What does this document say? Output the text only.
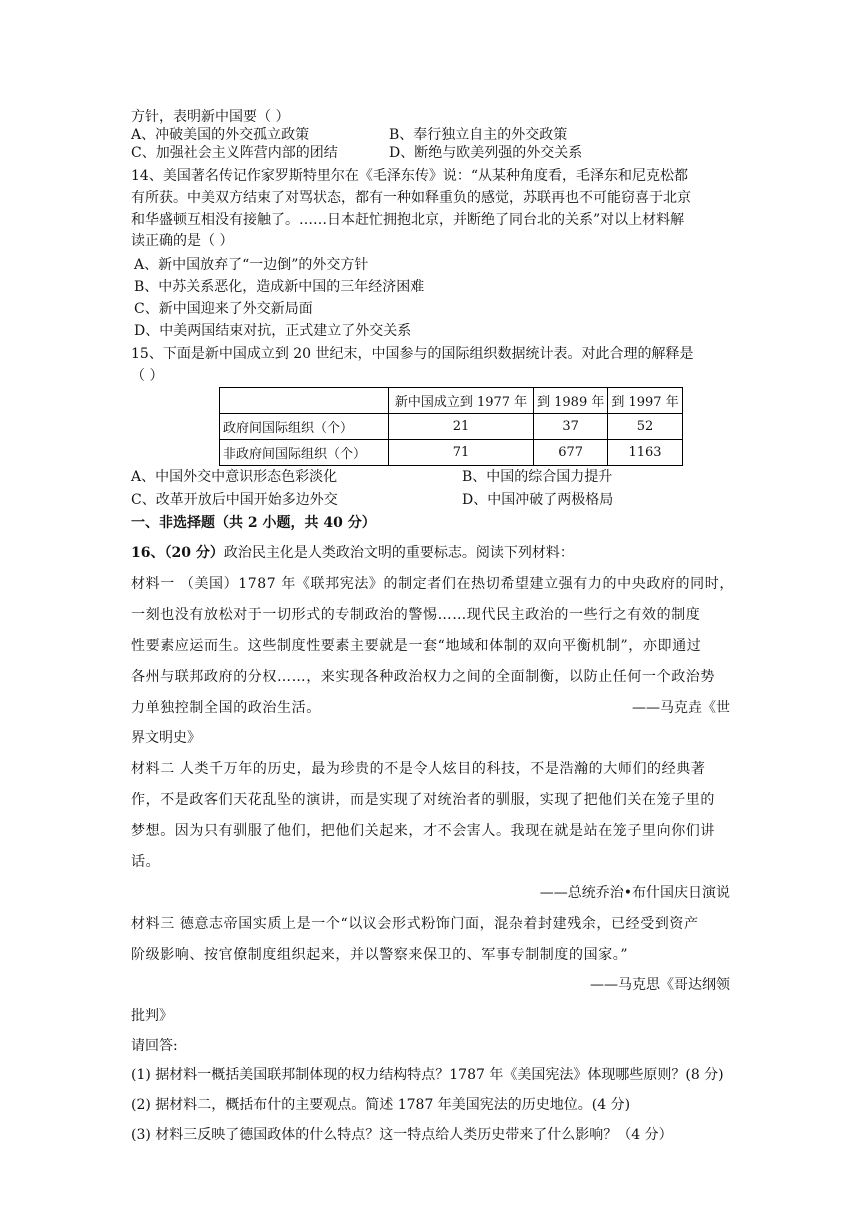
方针，表明新中国要（ ）
A、冲破美国的外交孤立政策	B、奉行独立自主的外交政策
C、加强社会主义阵营内部的团结	D、断绝与欧美列强的外交关系
14、美国著名传记作家罗斯特里尔在《毛泽东传》说：“从某种角度看，毛泽东和尼克松都
有所获。中美双方结束了对骂状态，都有一种如释重负的感觉，苏联再也不可能窃喜于北京
和华盛顿互相没有接触了。……日本赶忙拥抱北京，并断绝了同台北的关系”对以上材料解
读正确的是（ ）
A、新中国放弃了“一边倒”的外交方针
B、中苏关系恶化，造成新中国的三年经济困难
C、新中国迎来了外交新局面
D、中美两国结束对抗，正式建立了外交关系
15、下面是新中国成立到 20 世纪末，中国参与的国际组织数据统计表。对此合理的解释是
（ ）
	新中国成立到 1977 年	到 1989 年	到 1997 年
政府间国际组织（个）	21	37	52
非政府间国际组织（个）	71	677	1163
A、中国外交中意识形态色彩淡化	B、中国的综合国力提升
C、改革开放后中国开始多边外交	D、中国冲破了两极格局
一、非选择题（共 2 小题，共 40 分）
16、（20 分）政治民主化是人类政治文明的重要标志。阅读下列材料：
材料一 （美国）1787 年《联邦宪法》的制定者们在热切希望建立强有力的中央政府的同时，
一刻也没有放松对于一切形式的专制政治的警惕……现代民主政治的一些行之有效的制度
性要素应运而生。这些制度性要素主要就是一套“地域和体制的双向平衡机制”，亦即通过
各州与联邦政府的分权……，来实现各种政治权力之间的全面制衡，以防止任何一个政治势
力单独控制全国的政治生活。	——马克垚《世
界文明史》
材料二 人类千万年的历史，最为珍贵的不是令人炫目的科技，不是浩瀚的大师们的经典著
作，不是政客们天花乱坠的演讲，而是实现了对统治者的驯服，实现了把他们关在笼子里的
梦想。因为只有驯服了他们，把他们关起来，才不会害人。我现在就是站在笼子里向你们讲
话。
——总统乔治•布什国庆日演说
材料三 德意志帝国实质上是一个“以议会形式粉饰门面，混杂着封建残余，已经受到资产
阶级影响、按官僚制度组织起来，并以警察来保卫的、军事专制制度的国家。”
——马克思《哥达纲领
批判》
请回答:
(1) 据材料一概括美国联邦制体现的权力结构特点？1787 年《美国宪法》体现哪些原则？(8 分)
(2) 据材料二，概括布什的主要观点。简述 1787 年美国宪法的历史地位。(4 分)
(3) 材料三反映了德国政体的什么特点？这一特点给人类历史带来了什么影响？（4 分）
